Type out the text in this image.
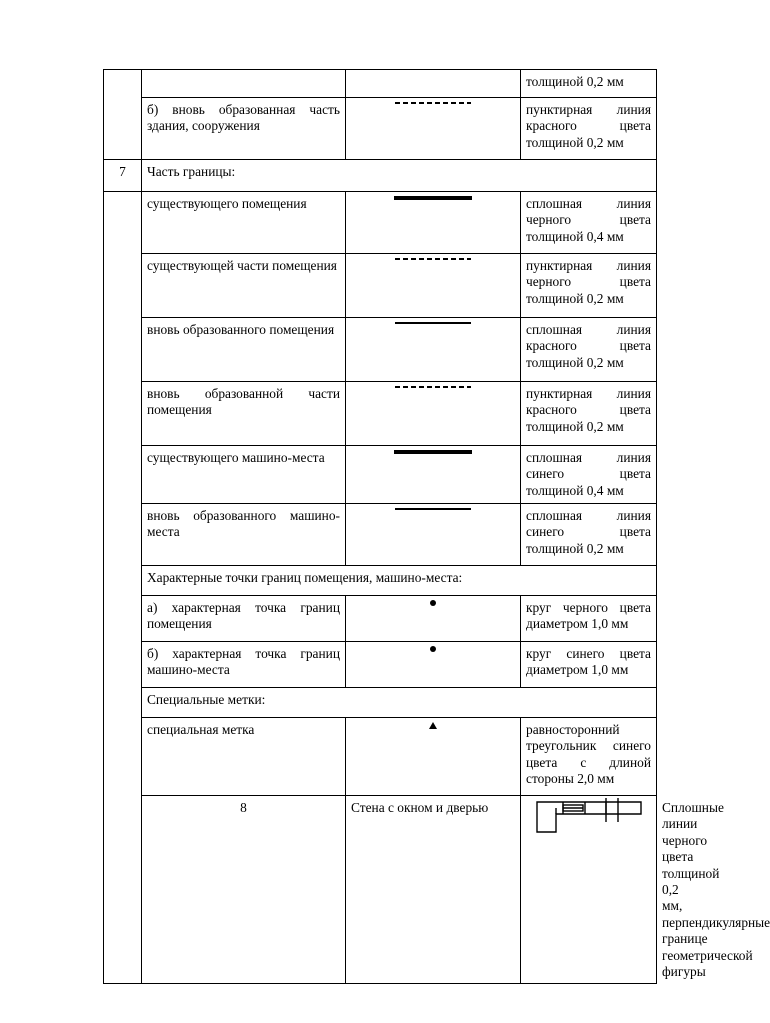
			толщиной 0,2 мм	
	б) вновь образованная часть здания, сооружения		пунктирная линия красного цвета толщиной 0,2 мм	
7	Часть границы:			
	существующего помещения		сплошная линия черного цвета толщиной 0,4 мм	
	существующей части помещения		пунктирная линия черного цвета толщиной 0,2 мм	
	вновь образованного помещения		сплошная линия красного цвета толщиной 0,2 мм	
	вновь образованной части помещения		пунктирная линия красного цвета толщиной 0,2 мм	
	существующего машино-места		сплошная линия синего цвета толщиной 0,4 мм	
	вновь образованного машино-места		сплошная линия синего цвета толщиной 0,2 мм	
	Характерные точки границ помещения, машино-места:			
	а) характерная точка границ помещения		круг черного цвета диаметром 1,0 мм	
	б) характерная точка границ машино-места		круг синего цвета диаметром 1,0 мм	
	Специальные метки:			
	специальная метка		равносторонний треугольник синего цвета с длиной стороны 2,0 мм	
	8	Стена с окном и дверью		Сплошные линии черного цвета толщиной 0,2 мм, перпендикулярные границе геометрической фигуры
